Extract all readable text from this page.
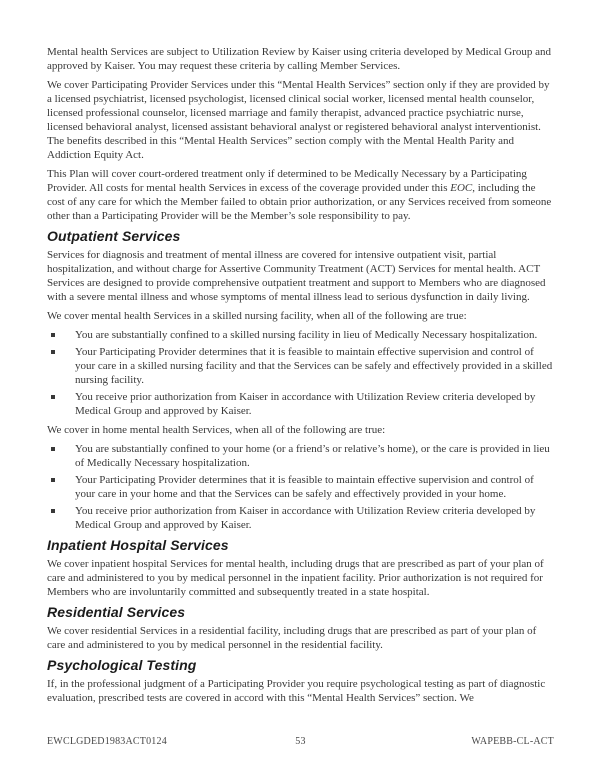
Mental health Services are subject to Utilization Review by Kaiser using criteria developed by Medical Group and approved by Kaiser. You may request these criteria by calling Member Services.

We cover Participating Provider Services under this “Mental Health Services” section only if they are provided by a licensed psychiatrist, licensed psychologist, licensed clinical social worker, licensed mental health counselor, licensed professional counselor, licensed marriage and family therapist, advanced practice psychiatric nurse, licensed behavioral analyst, licensed assistant behavioral analyst or registered behavioral analyst interventionist. The benefits described in this “Mental Health Services” section comply with the Mental Health Parity and Addiction Equity Act.

This Plan will cover court-ordered treatment only if determined to be Medically Necessary by a Participating Provider. All costs for mental health Services in excess of the coverage provided under this EOC, including the cost of any care for which the Member failed to obtain prior authorization, or any Services received from someone other than a Participating Provider will be the Member’s sole responsibility to pay.

Outpatient Services

Services for diagnosis and treatment of mental illness are covered for intensive outpatient visit, partial hospitalization, and without charge for Assertive Community Treatment (ACT) Services for mental health. ACT Services are designed to provide comprehensive outpatient treatment and support to Members who are diagnosed with a severe mental illness and whose symptoms of mental illness lead to serious dysfunction in daily living.

We cover mental health Services in a skilled nursing facility, when all of the following are true:

You are substantially confined to a skilled nursing facility in lieu of Medically Necessary hospitalization.
Your Participating Provider determines that it is feasible to maintain effective supervision and control of your care in a skilled nursing facility and that the Services can be safely and effectively provided in a skilled nursing facility.
You receive prior authorization from Kaiser in accordance with Utilization Review criteria developed by Medical Group and approved by Kaiser.

We cover in home mental health Services, when all of the following are true:

You are substantially confined to your home (or a friend’s or relative’s home), or the care is provided in lieu of Medically Necessary hospitalization.
Your Participating Provider determines that it is feasible to maintain effective supervision and control of your care in your home and that the Services can be safely and effectively provided in your home.
You receive prior authorization from Kaiser in accordance with Utilization Review criteria developed by Medical Group and approved by Kaiser.
Inpatient Hospital Services

We cover inpatient hospital Services for mental health, including drugs that are prescribed as part of your plan of care and administered to you by medical personnel in the inpatient facility. Prior authorization is not required for Members who are involuntarily committed and subsequently treated in a state hospital.

Residential Services

We cover residential Services in a residential facility, including drugs that are prescribed as part of your plan of care and administered to you by medical personnel in the residential facility.

Psychological Testing

If, in the professional judgment of a Participating Provider you require psychological testing as part of diagnostic evaluation, prescribed tests are covered in accord with this “Mental Health Services” section. We

EWCLGDED1983ACT0124	53	WAPEBB-CL-ACT
